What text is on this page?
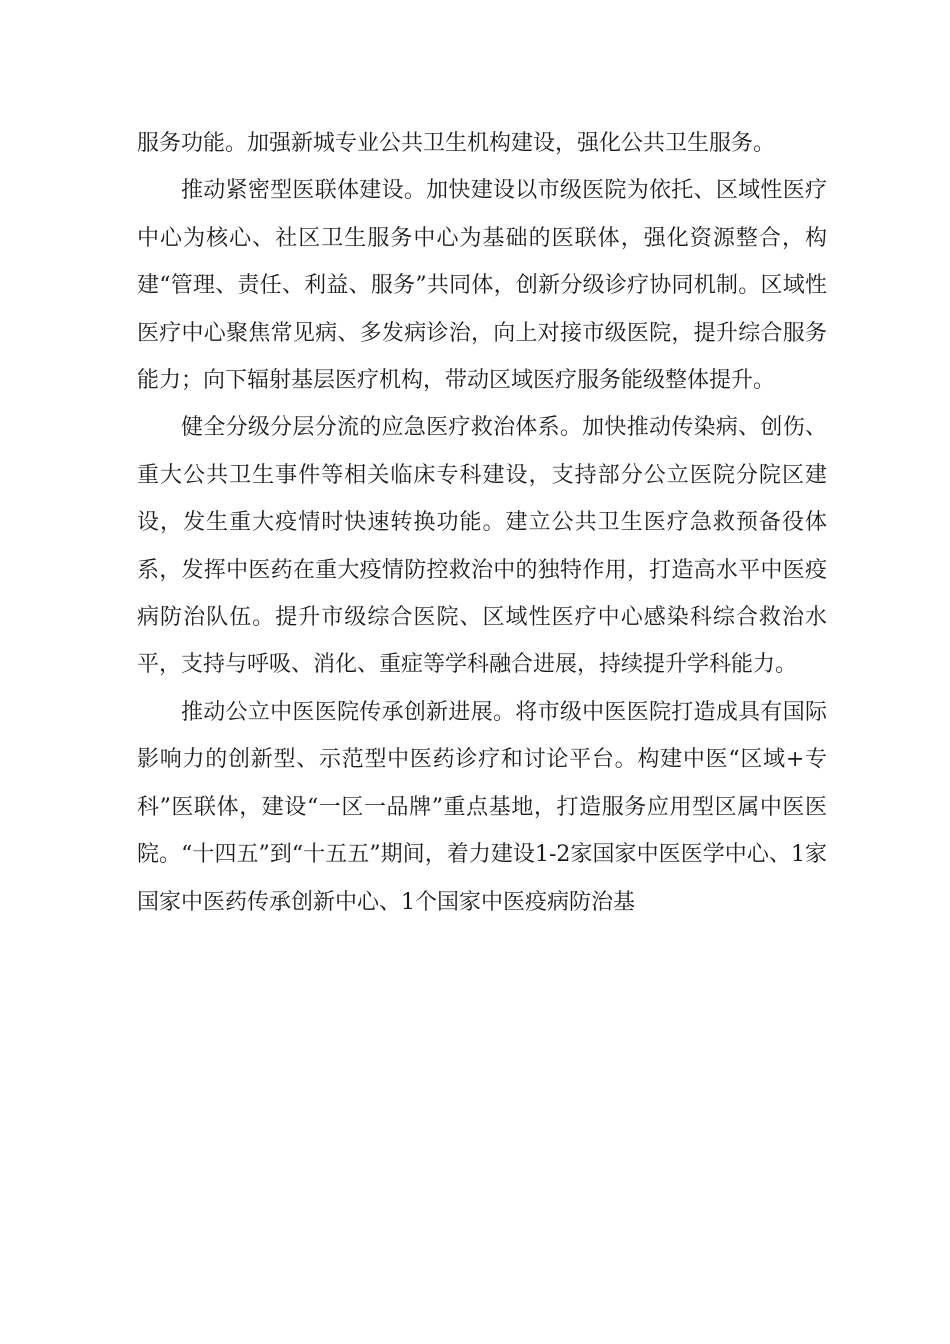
服务功能。加强新城专业公共卫生机构建设，强化公共卫生服务。

推动紧密型医联体建设。加快建设以市级医院为依托、区域性医疗中心为核心、社区卫生服务中心为基础的医联体，强化资源整合，构建“管理、责任、利益、服务”共同体，创新分级诊疗协同机制。区域性医疗中心聚焦常见病、多发病诊治，向上对接市级医院，提升综合服务能力；向下辐射基层医疗机构，带动区域医疗服务能级整体提升。

健全分级分层分流的应急医疗救治体系。加快推动传染病、创伤、重大公共卫生事件等相关临床专科建设，支持部分公立医院分院区建设，发生重大疫情时快速转换功能。建立公共卫生医疗急救预备役体系，发挥中医药在重大疫情防控救治中的独特作用，打造高水平中医疫病防治队伍。提升市级综合医院、区域性医疗中心感染科综合救治水平，支持与呼吸、消化、重症等学科融合进展，持续提升学科能力。

推动公立中医医院传承创新进展。将市级中医医院打造成具有国际影响力的创新型、示范型中医药诊疗和讨论平台。构建中医“区域+专科”医联体，建设“一区一品牌”重点基地，打造服务应用型区属中医医院。“十四五”到“十五五”期间，着力建设1-2家国家中医医学中心、1家国家中医药传承创新中心、1个国家中医疫病防治基
